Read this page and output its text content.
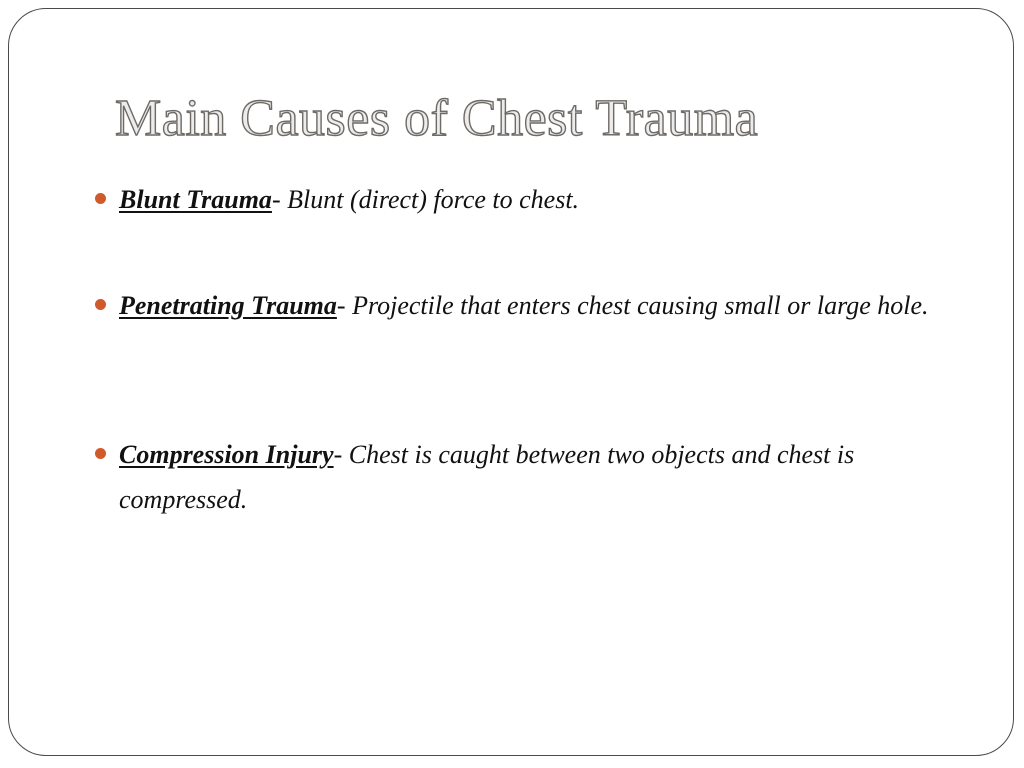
Main Causes of Chest Trauma
Blunt Trauma- Blunt (direct) force to chest.
Penetrating Trauma- Projectile that enters chest causing small or large hole.
Compression Injury- Chest is caught between two objects and chest is compressed.
